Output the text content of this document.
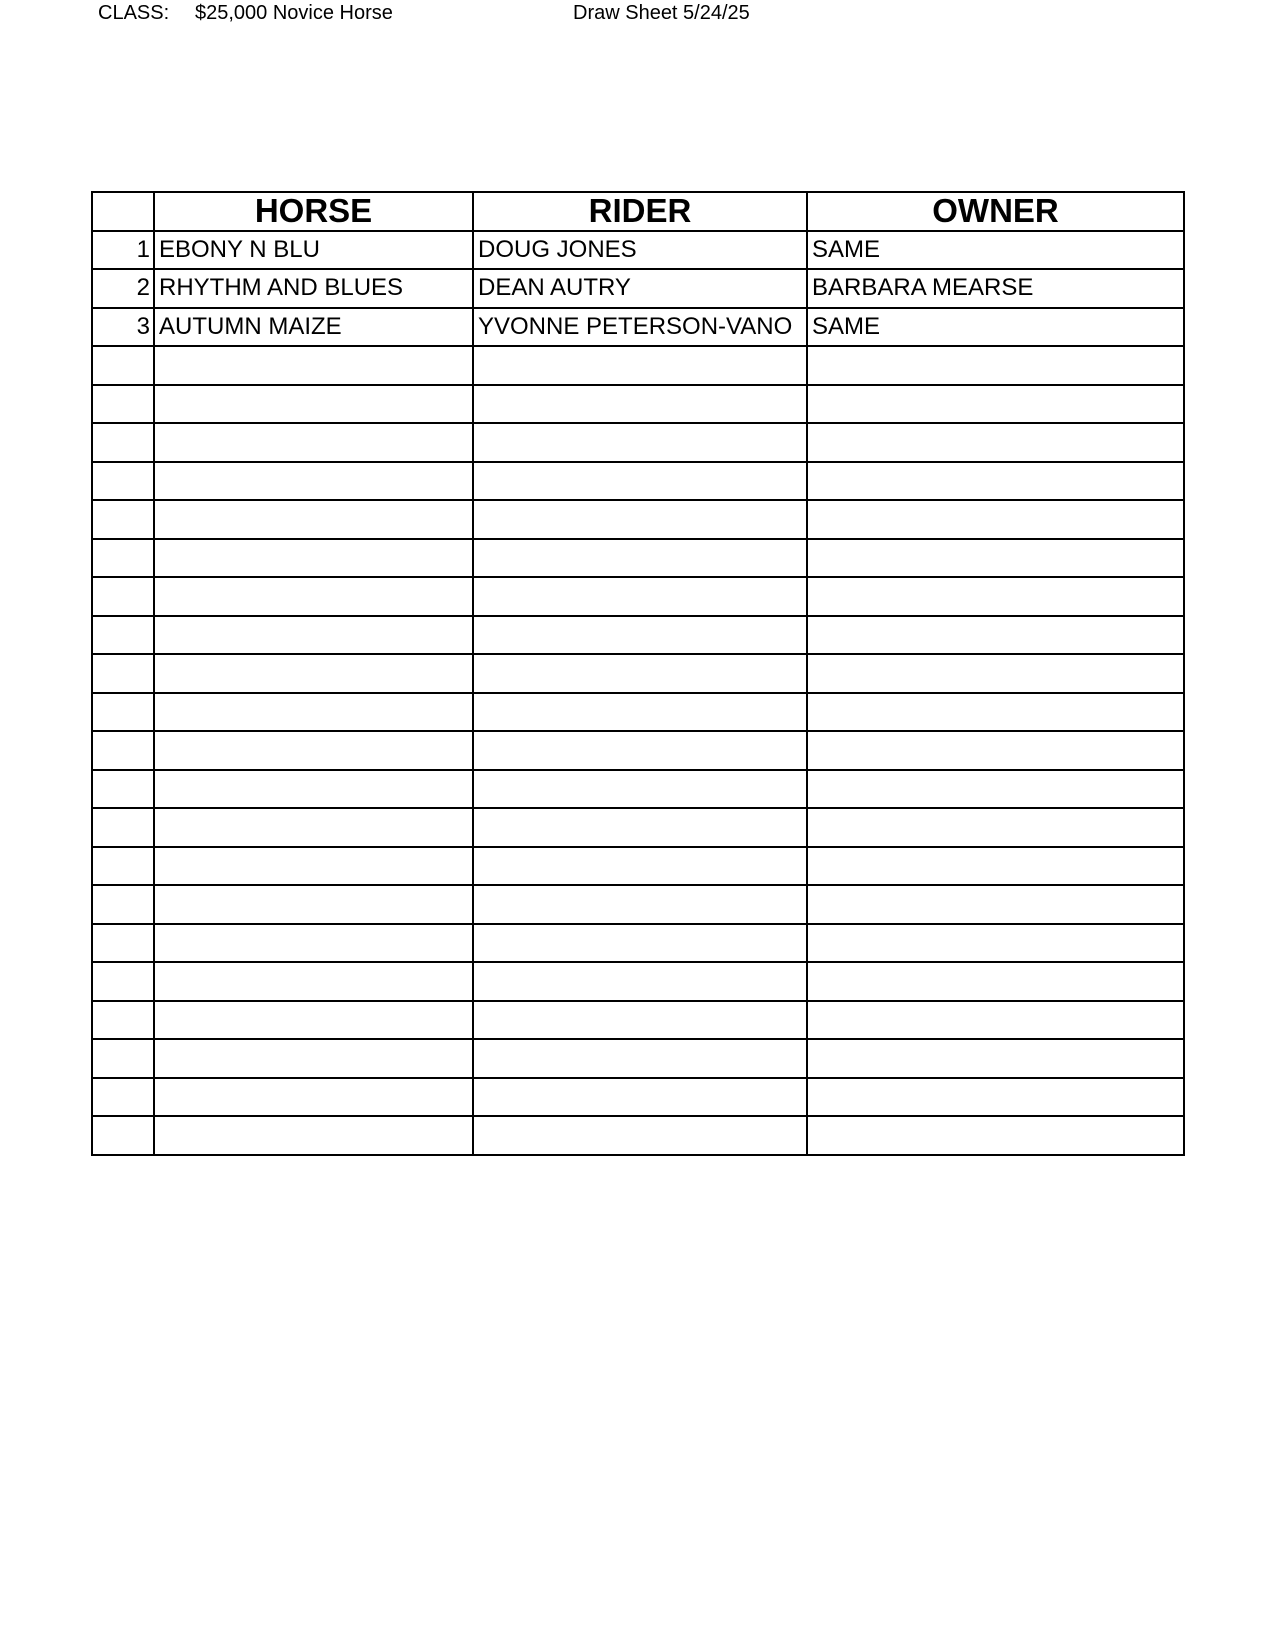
CLASS: $25,000 Novice Horse	Draw Sheet 5/24/25
	HORSE	RIDER	OWNER
1	EBONY N BLU	DOUG JONES	SAME
2	RHYTHM AND BLUES	DEAN AUTRY	BARBARA MEARSE
3	AUTUMN MAIZE	YVONNE PETERSON-VANO	SAME
